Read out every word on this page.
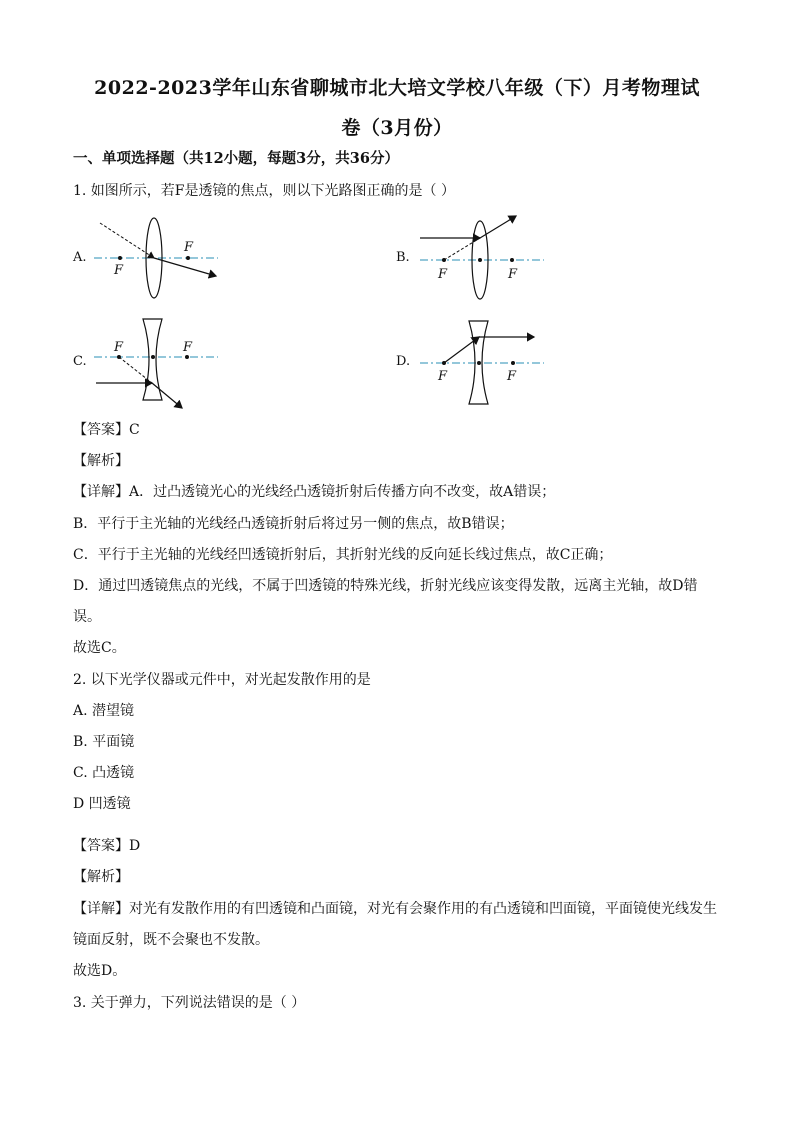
2022-2023学年山东省聊城市北大培文学校八年级（下）月考物理试
卷（3月份）
一、单项选择题（共12小题，每题3分，共36分）
1. 如图所示，若F是透镜的焦点，则以下光路图正确的是（ ）
A.	B.
C.	D.
F
F
F	F
F	F
F	F
【答案】C
【解析】
【详解】A．过凸透镜光心的光线经凸透镜折射后传播方向不改变，故A错误；
B．平行于主光轴的光线经凸透镜折射后将过另一侧的焦点，故B错误；
C．平行于主光轴的光线经凹透镜折射后，其折射光线的反向延长线过焦点，故C正确；
D．通过凹透镜焦点的光线，不属于凹透镜的特殊光线，折射光线应该变得发散，远离主光轴，故D错
误。
故选C。
2. 以下光学仪器或元件中，对光起发散作用的是
A. 潜望镜
B. 平面镜
C. 凸透镜
D 凹透镜
【答案】D
【解析】
【详解】对光有发散作用的有凹透镜和凸面镜，对光有会聚作用的有凸透镜和凹面镜，平面镜使光线发生
镜面反射，既不会聚也不发散。
故选D。
3. 关于弹力，下列说法错误的是（ ）
